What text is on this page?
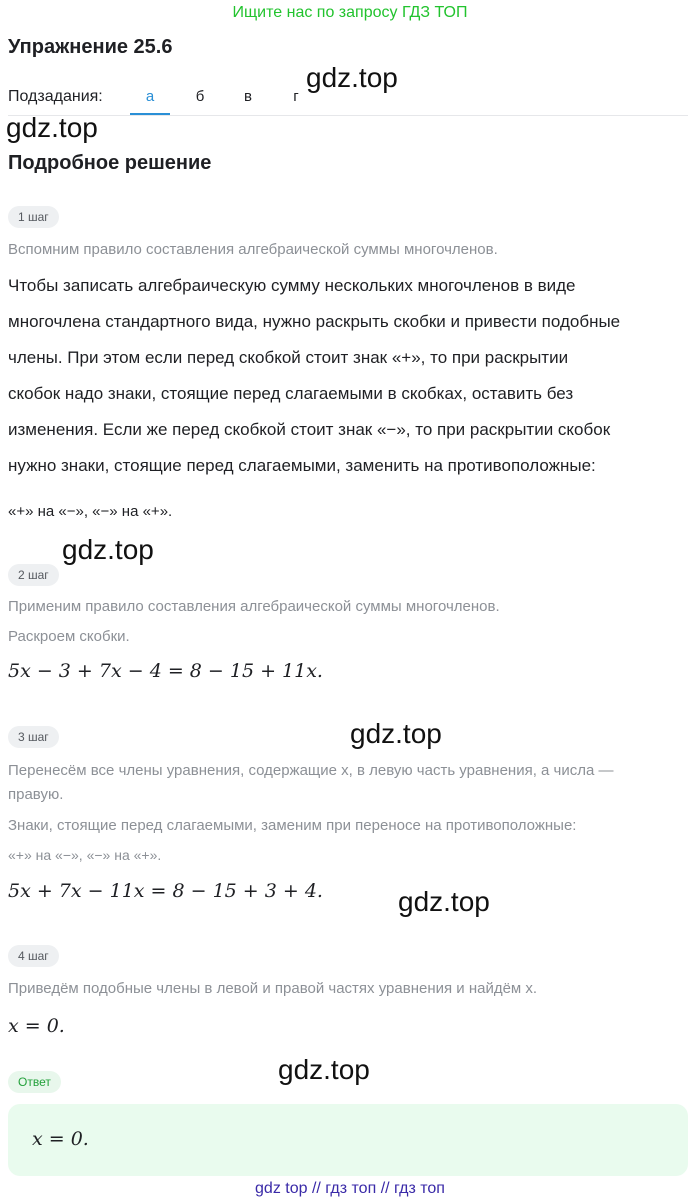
Ищите нас по запросу ГДЗ ТОП
Упражнение 25.6
Подзадания:	а	б	в	г
gdz.top
gdz.top
Подробное решение
1 шаг
Вспомним правило составления алгебраической суммы многочленов.
Чтобы записать алгебраическую сумму нескольких многочленов в виде
многочлена стандартного вида, нужно раскрыть скобки и привести подобные
члены. При этом если перед скобкой стоит знак «+», то при раскрытии
скобок надо знаки, стоящие перед слагаемыми в скобках, оставить без
изменения. Если же перед скобкой стоит знак «−», то при раскрытии скобок
нужно знаки, стоящие перед слагаемыми, заменить на противоположные:
«+» на «−», «−» на «+».
gdz.top
2 шаг
Применим правило составления алгебраической суммы многочленов.
Раскроем скобки.
5x − 3 + 7x − 4 = 8 − 15 + 11x.
gdz.top
3 шаг
Перенесём все члены уравнения, содержащие x, в левую часть уравнения, а числа —
правую.
Знаки, стоящие перед слагаемыми, заменим при переносе на противоположные:
«+» на «−», «−» на «+».
5x + 7x − 11x = 8 − 15 + 3 + 4.	gdz.top
4 шаг
Приведём подобные члены в левой и правой частях уравнения и найдём x.
x = 0.
gdz.top
Ответ
x = 0.
gdz top // гдз топ // гдз топ
